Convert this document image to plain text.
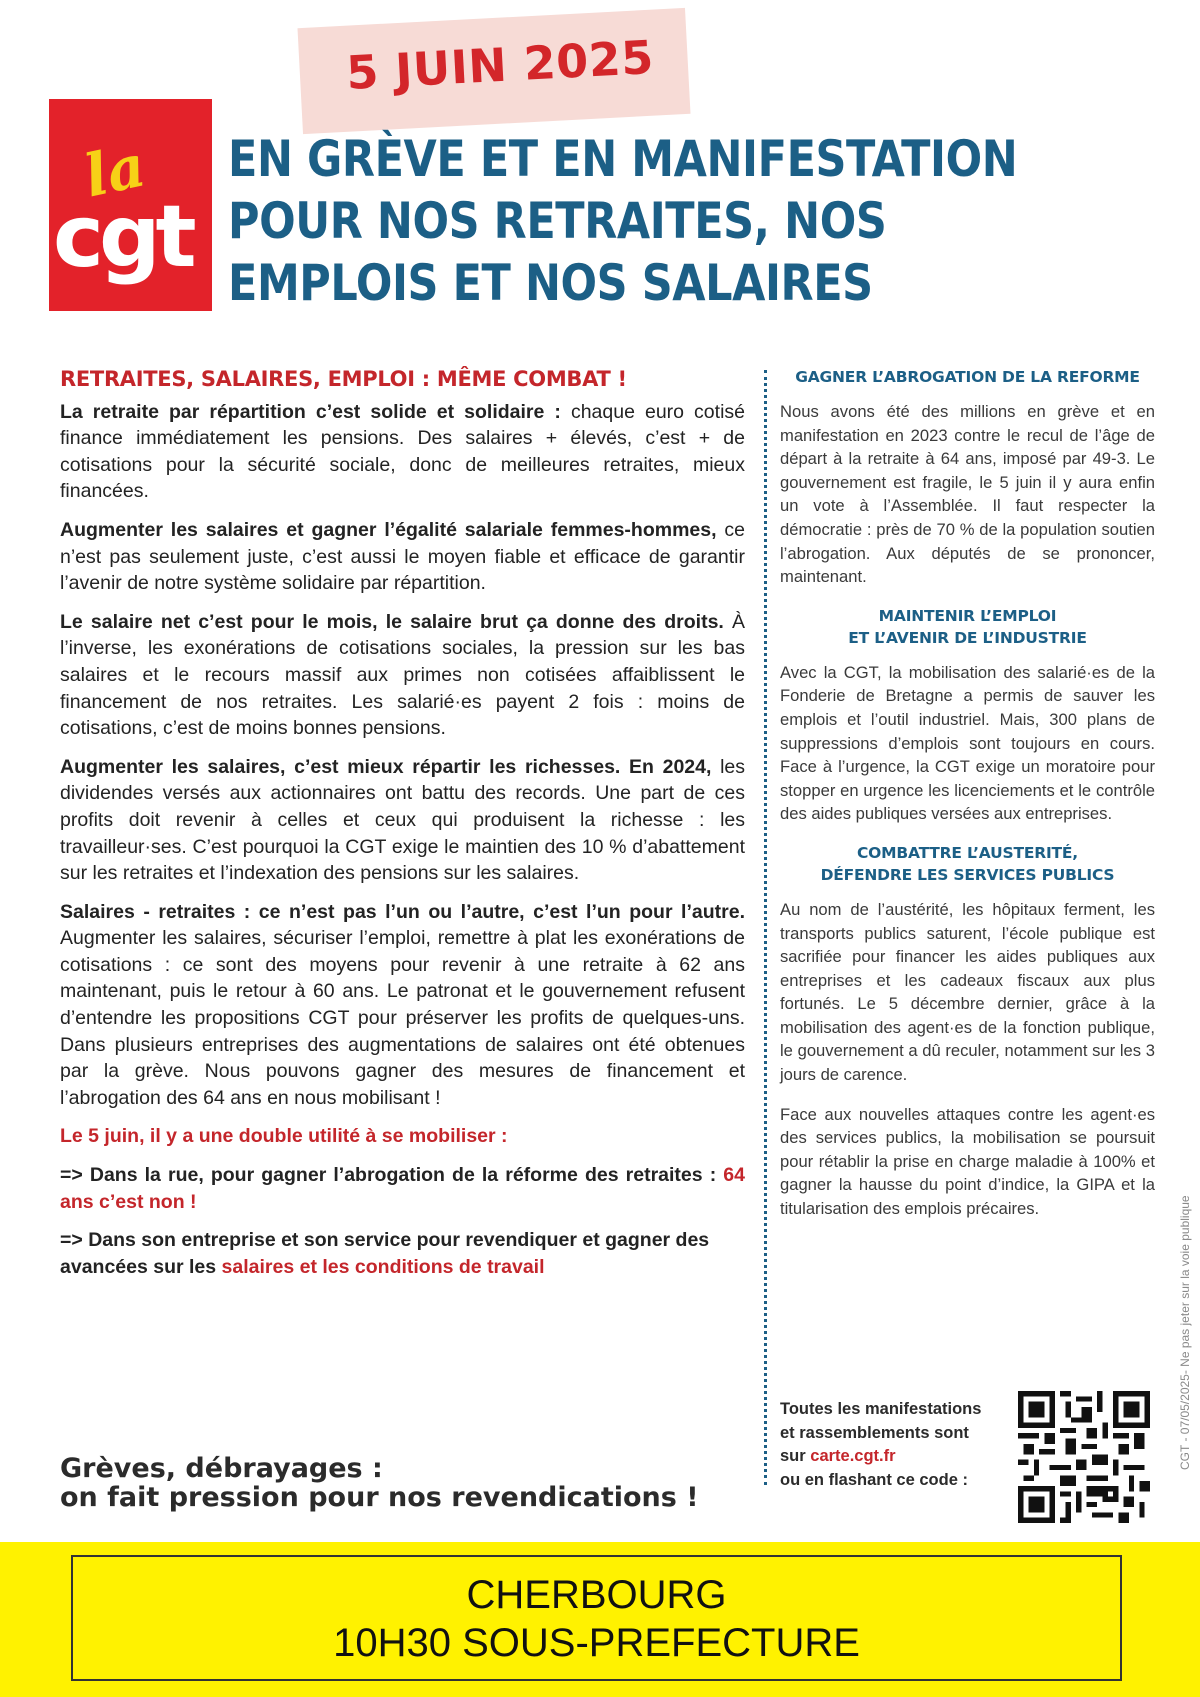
5 JUIN 2025
la
cgt
EN GRÈVE ET EN MANIFESTATION
POUR NOS RETRAITES, NOS
EMPLOIS ET NOS SALAIRES
RETRAITES, SALAIRES, EMPLOI : MÊME COMBAT !

La retraite par répartition c’est solide et solidaire : chaque euro cotisé finance immédiatement les pensions. Des salaires + élevés, c’est + de cotisations pour la sécurité sociale, donc de meilleures retraites, mieux financées.

Augmenter les salaires et gagner l’égalité salariale femmes-hommes, ce n’est pas seulement juste, c’est aussi le moyen fiable et efficace de garantir l’avenir de notre système solidaire par répartition.

Le salaire net c’est pour le mois, le salaire brut ça donne des droits. À l’inverse, les exonérations de cotisations sociales, la pression sur les bas salaires et le recours massif aux primes non cotisées affaiblissent le financement de nos retraites. Les salarié·es payent 2 fois : moins de cotisations, c’est de moins bonnes pensions.

Augmenter les salaires, c’est mieux répartir les richesses. En 2024, les dividendes versés aux actionnaires ont battu des records. Une part de ces profits doit revenir à celles et ceux qui produisent la richesse : les travailleur·ses. C’est pourquoi la CGT exige le maintien des 10 % d’abattement sur les retraites et l’indexation des pensions sur les salaires.

Salaires - retraites : ce n’est pas l’un ou l’autre, c’est l’un pour l’autre. Augmenter les salaires, sécuriser l’emploi, remettre à plat les exonérations de cotisations : ce sont des moyens pour revenir à une retraite à 62 ans maintenant, puis le retour à 60 ans. Le patronat et le gouvernement refusent d’entendre les propositions CGT pour préserver les profits de quelques-uns. Dans plusieurs entreprises des augmentations de salaires ont été obtenues par la grève. Nous pouvons gagner des mesures de financement et l’abrogation des 64 ans en nous mobilisant !

Le 5 juin, il y a une double utilité à se mobiliser :

=> Dans la rue, pour gagner l’abrogation de la réforme des retraites : 64 ans c’est non !

=> Dans son entreprise et son service pour revendiquer et gagner des avancées sur les salaires et les conditions de travail

Grèves, débrayages :
on fait pression pour nos revendications !
GAGNER L’ABROGATION DE LA REFORME

Nous avons été des millions en grève et en manifestation en 2023 contre le recul de l’âge de départ à la retraite à 64 ans, imposé par 49-3. Le gouvernement est fragile, le 5 juin il y aura enfin un vote à l’Assemblée. Il faut respecter la démocratie : près de 70 % de la population soutien l’abrogation. Aux députés de se prononcer, maintenant.

MAINTENIR L’EMPLOI
ET L’AVENIR DE L’INDUSTRIE

Avec la CGT, la mobilisation des salarié·es de la Fonderie de Bretagne a permis de sauver les emplois et l’outil industriel. Mais, 300 plans de suppressions d’emplois sont toujours en cours. Face à l’urgence, la CGT exige un moratoire pour stopper en urgence les licenciements et le contrôle des aides publiques versées aux entreprises.

COMBATTRE L’AUSTERITÉ,
DÉFENDRE LES SERVICES PUBLICS

Au nom de l’austérité, les hôpitaux ferment, les transports publics saturent, l’école publique est sacrifiée pour financer les aides publiques aux entreprises et les cadeaux fiscaux aux plus fortunés. Le 5 décembre dernier, grâce à la mobilisation des agent·es de la fonction publique, le gouvernement a dû reculer, notamment sur les 3 jours de carence.

Face aux nouvelles attaques contre les agent·es des services publics, la mobilisation se poursuit pour rétablir la prise en charge maladie à 100% et gagner la hausse du point d’indice, la GIPA et la titularisation des emplois précaires.

Toutes les manifestations
et rassemblements sont
sur carte.cgt.fr
ou en flashant ce code :
CGT - 07/05/2025- Ne pas jeter sur la voie publique
CHERBOURG
10H30 SOUS-PREFECTURE
